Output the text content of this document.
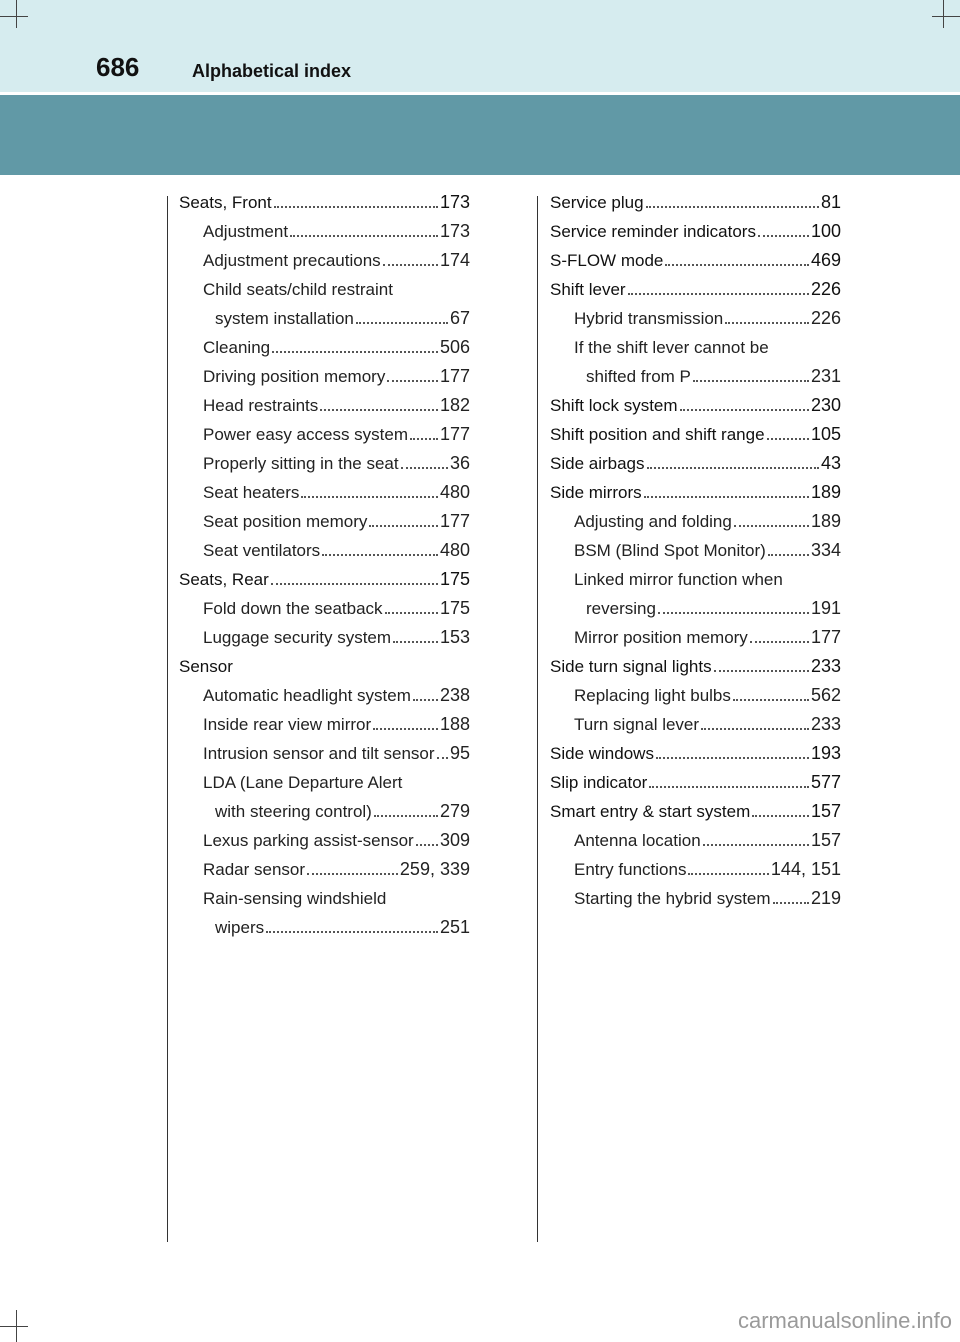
686	Alphabetical index
Seats, Front	173
Adjustment	173
Adjustment precautions	174
Child seats/child restraint
system installation	67
Cleaning	506
Driving position memory	177
Head restraints	182
Power easy access system 177
Properly sitting in the seat	36
Seat heaters	480
Seat position memory	177
Seat ventilators	480
Seats, Rear	175
Fold down the seatback	175
Luggage security system	153
Sensor
Automatic headlight system 238
Inside rear view mirror	188
Intrusion sensor and tilt sensor 95
LDA (Lane Departure Alert
with steering control)	279
Lexus parking assist-sensor 309
Radar sensor	259, 339
Rain-sensing windshield
wipers	251
Service plug	81
Service reminder indicators	100
S-FLOW mode	469
Shift lever	226
Hybrid transmission	226
If the shift lever cannot be
shifted from P	231
Shift lock system	230
Shift position and shift range	105
Side airbags	43
Side mirrors	189
Adjusting and folding	189
BSM (Blind Spot Monitor)	334
Linked mirror function when
reversing	191
Mirror position memory	177
Side turn signal lights	233
Replacing light bulbs	562
Turn signal lever	233
Side windows	193
Slip indicator	577
Smart entry & start system	157
Antenna location	157
Entry functions	144, 151
Starting the hybrid system 219
carmanualsonline.info
